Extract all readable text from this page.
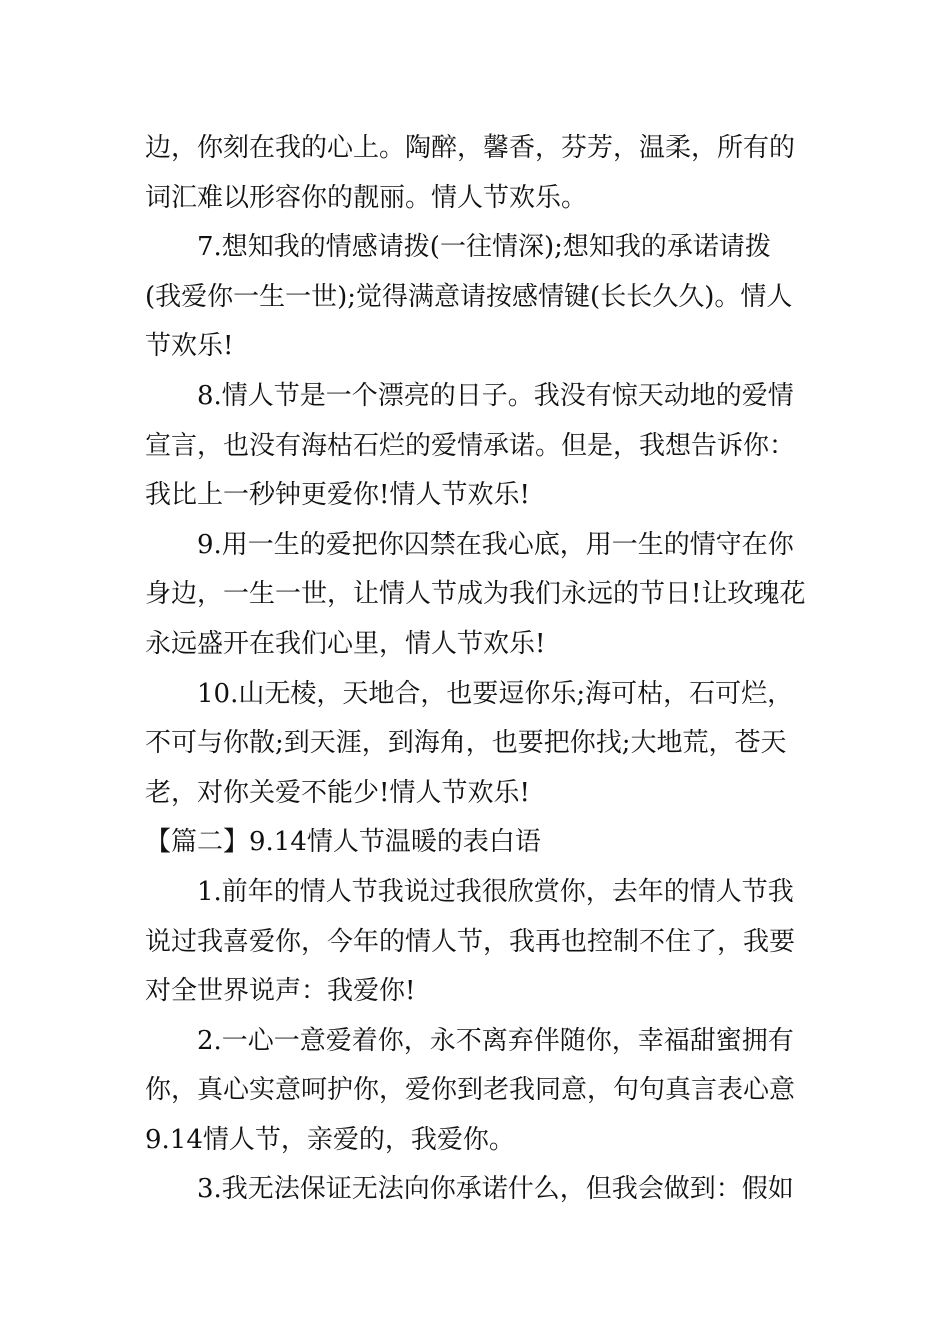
边，你刻在我的心上。陶醉，馨香，芬芳，温柔，所有的
词汇难以形容你的靓丽。情人节欢乐。
7.想知我的情感请拨(一往情深);想知我的承诺请拨
(我爱你一生一世);觉得满意请按感情键(长长久久)。情人
节欢乐!
8.情人节是一个漂亮的日子。我没有惊天动地的爱情
宣言，也没有海枯石烂的爱情承诺。但是，我想告诉你：
我比上一秒钟更爱你!情人节欢乐!
9.用一生的爱把你囚禁在我心底，用一生的情守在你
身边，一生一世，让情人节成为我们永远的节日!让玫瑰花
永远盛开在我们心里，情人节欢乐!
10.山无棱，天地合，也要逗你乐;海可枯，石可烂，
不可与你散;到天涯，到海角，也要把你找;大地荒，苍天
老，对你关爱不能少!情人节欢乐!
【篇二】9.14情人节温暖的表白语
1.前年的情人节我说过我很欣赏你，去年的情人节我
说过我喜爱你，今年的情人节，我再也控制不住了，我要
对全世界说声：我爱你!
2.一心一意爱着你，永不离弃伴随你，幸福甜蜜拥有
你，真心实意呵护你，爱你到老我同意，句句真言表心意
9.14情人节，亲爱的，我爱你。
3.我无法保证无法向你承诺什么，但我会做到：假如
